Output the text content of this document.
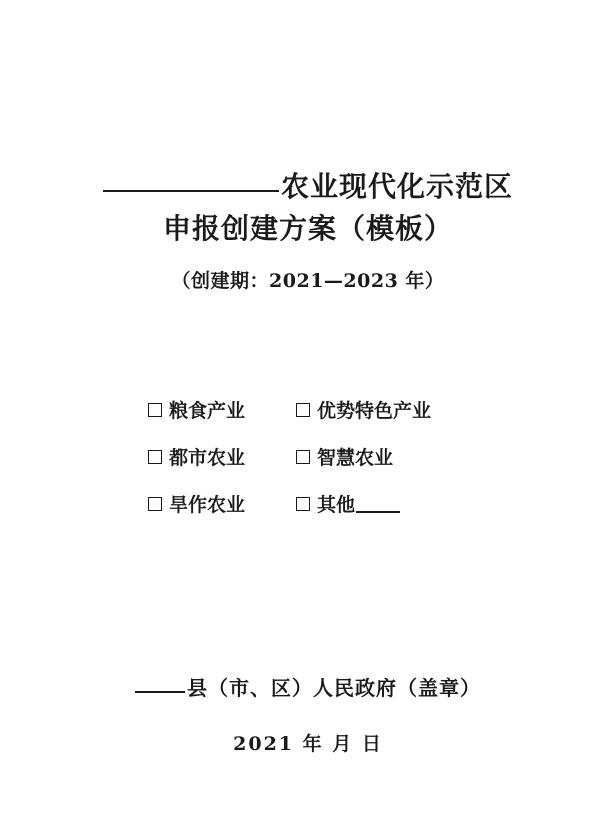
农业现代化示范区
申报创建方案（模板）
（创建期：2021—2023 年）
粮食产业	优势特色产业
都市农业	智慧农业
旱作农业	其他
县（市、区）人民政府（盖章）
2021 年 月 日
